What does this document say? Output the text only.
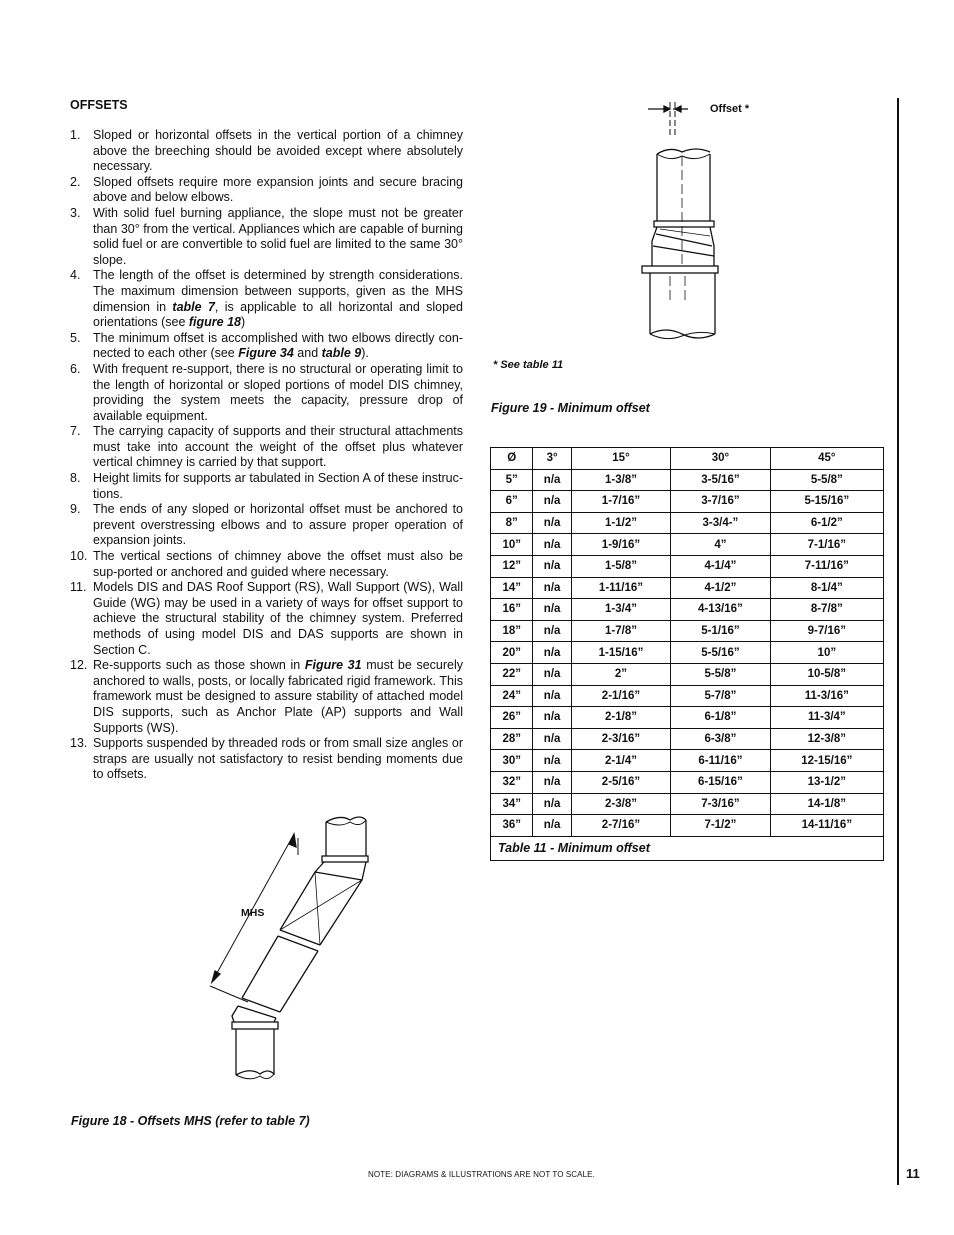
OFFSETS
1. Sloped or horizontal offsets in the vertical portion of a chimney above the breeching should be avoided except where absolutely necessary.
2. Sloped offsets require more expansion joints and secure bracing above and below elbows.
3. With solid fuel burning appliance, the slope must not be greater than 30° from the vertical. Appliances which are capable of burning solid fuel or are convertible to solid fuel are limited to the same 30° slope.
4. The length of the offset is determined by strength considerations. The maximum dimension between supports, given as the MHS dimension in table 7, is applicable to all horizontal and sloped orientations (see figure 18)
5. The minimum offset is accomplished with two elbows directly con-nected to each other (see Figure 34 and table 9).
6. With frequent re-support, there is no structural or operating limit to the length of horizontal or sloped portions of model DIS chimney, providing the system meets the capacity, pressure drop of available equipment.
7. The carrying capacity of supports and their structural attachments must take into account the weight of the offset plus whatever vertical chimney is carried by that support.
8. Height limits for supports ar tabulated in Section A of these instruc-tions.
9. The ends of any sloped or horizontal offset must be anchored to prevent overstressing elbows and to assure proper operation of expansion joints.
10. The vertical sections of chimney above the offset must also be sup-ported or anchored and guided where necessary.
11. Models DIS and DAS Roof Support (RS), Wall Support (WS), Wall Guide (WG) may be used in a variety of ways for offset support to achieve the structural stability of the chimney system. Preferred methods of using model DIS and DAS supports are shown in Section C.
12. Re-supports such as those shown in Figure 31 must be securely anchored to walls, posts, or locally fabricated rigid framework. This framework must be designed to assure stability of attached model DIS supports, such as Anchor Plate (AP) supports and Wall Supports (WS).
13. Supports suspended by threaded rods or from small size angles or straps are usually not satisfactory to resist bending moments due to offsets.
Offset *
* See table 11
Figure 19 - Minimum offset
MHS
Figure 18 - Offsets MHS (refer to table 7)
Ø	3°	15°	30°	45°
5”	n/a	1-3/8”	3-5/16”	5-5/8”
6”	n/a	1-7/16”	3-7/16”	5-15/16”
8”	n/a	1-1/2”	3-3/4-”	6-1/2”
10”	n/a	1-9/16”	4”	7-1/16”
12”	n/a	1-5/8”	4-1/4”	7-11/16”
14”	n/a	1-11/16”	4-1/2”	8-1/4”
16”	n/a	1-3/4”	4-13/16”	8-7/8”
18”	n/a	1-7/8”	5-1/16”	9-7/16”
20”	n/a	1-15/16”	5-5/16”	10”
22”	n/a	2”	5-5/8”	10-5/8”
24”	n/a	2-1/16”	5-7/8”	11-3/16”
26”	n/a	2-1/8”	6-1/8”	11-3/4”
28”	n/a	2-3/16”	6-3/8”	12-3/8”
30”	n/a	2-1/4”	6-11/16”	12-15/16”
32”	n/a	2-5/16”	6-15/16”	13-1/2”
34”	n/a	2-3/8”	7-3/16”	14-1/8”
36”	n/a	2-7/16”	7-1/2”	14-11/16”
Table 11 - Minimum offset				
NOTE: DIAGRAMS & ILLUSTRATIONS ARE NOT TO SCALE.	11
